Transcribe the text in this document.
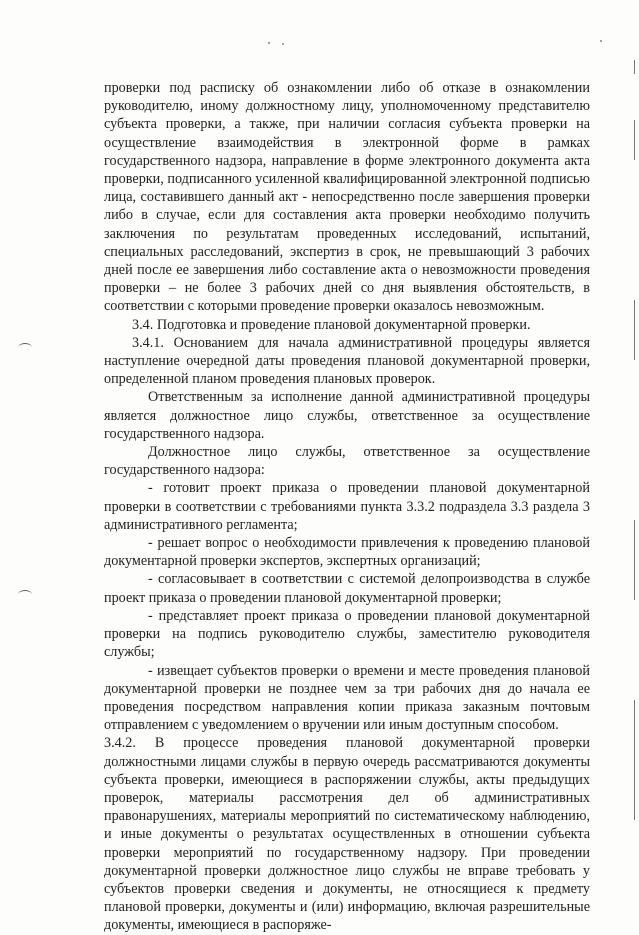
проверки под расписку об ознакомлении либо об отказе в ознакомлении руководителю, иному должностному лицу, уполномоченному представителю субъекта проверки, а также, при наличии согласия субъекта проверки на осуществление взаимодействия в электронной форме в рамках государственного надзора, направление в форме электронного документа акта проверки, подписанного усиленной квалифицированной электронной подписью лица, составившего данный акт - непосредственно после завершения проверки либо в случае, если для составления акта проверки необходимо получить заключения по результатам проведенных исследований, испытаний, специальных расследований, экспертиз в срок, не превышающий 3 рабочих дней после ее завершения либо составление акта о невозможности проведения проверки – не более 3 рабочих дней со дня выявления обстоятельств, в соответствии с которыми проведение проверки оказалось невозможным.

3.4. Подготовка и проведение плановой документарной проверки.

3.4.1. Основанием для начала административной процедуры является наступление очередной даты проведения плановой документарной проверки, определенной планом проведения плановых проверок.

Ответственным за исполнение данной административной процедуры является должностное лицо службы, ответственное за осуществление государственного надзора.

Должностное лицо службы, ответственное за осуществление государственного надзора:

- готовит проект приказа о проведении плановой документарной проверки в соответствии с требованиями пункта 3.3.2 подраздела 3.3 раздела 3 административного регламента;

- решает вопрос о необходимости привлечения к проведению плановой документарной проверки экспертов, экспертных организаций;

- согласовывает в соответствии с системой делопроизводства в службе проект приказа о проведении плановой документарной проверки;

- представляет проект приказа о проведении плановой документарной проверки на подпись руководителю службы, заместителю руководителя службы;

- извещает субъектов проверки о времени и месте проведения плановой документарной проверки не позднее чем за три рабочих дня до начала ее проведения посредством направления копии приказа заказным почтовым отправлением с уведомлением о вручении или иным доступным способом.

3.4.2. В процессе проведения плановой документарной проверки должностными лицами службы в первую очередь рассматриваются документы субъекта проверки, имеющиеся в распоряжении службы, акты предыдущих проверок, материалы рассмотрения дел об административных правонарушениях, материалы мероприятий по систематическому наблюдению, и иные документы о результатах осуществленных в отношении субъекта проверки мероприятий по государственному надзору. При проведении документарной проверки должностное лицо службы не вправе требовать у субъектов проверки сведения и документы, не относящиеся к предмету плановой проверки, документы и (или) информацию, включая разрешительные документы, имеющиеся в распоряже-
